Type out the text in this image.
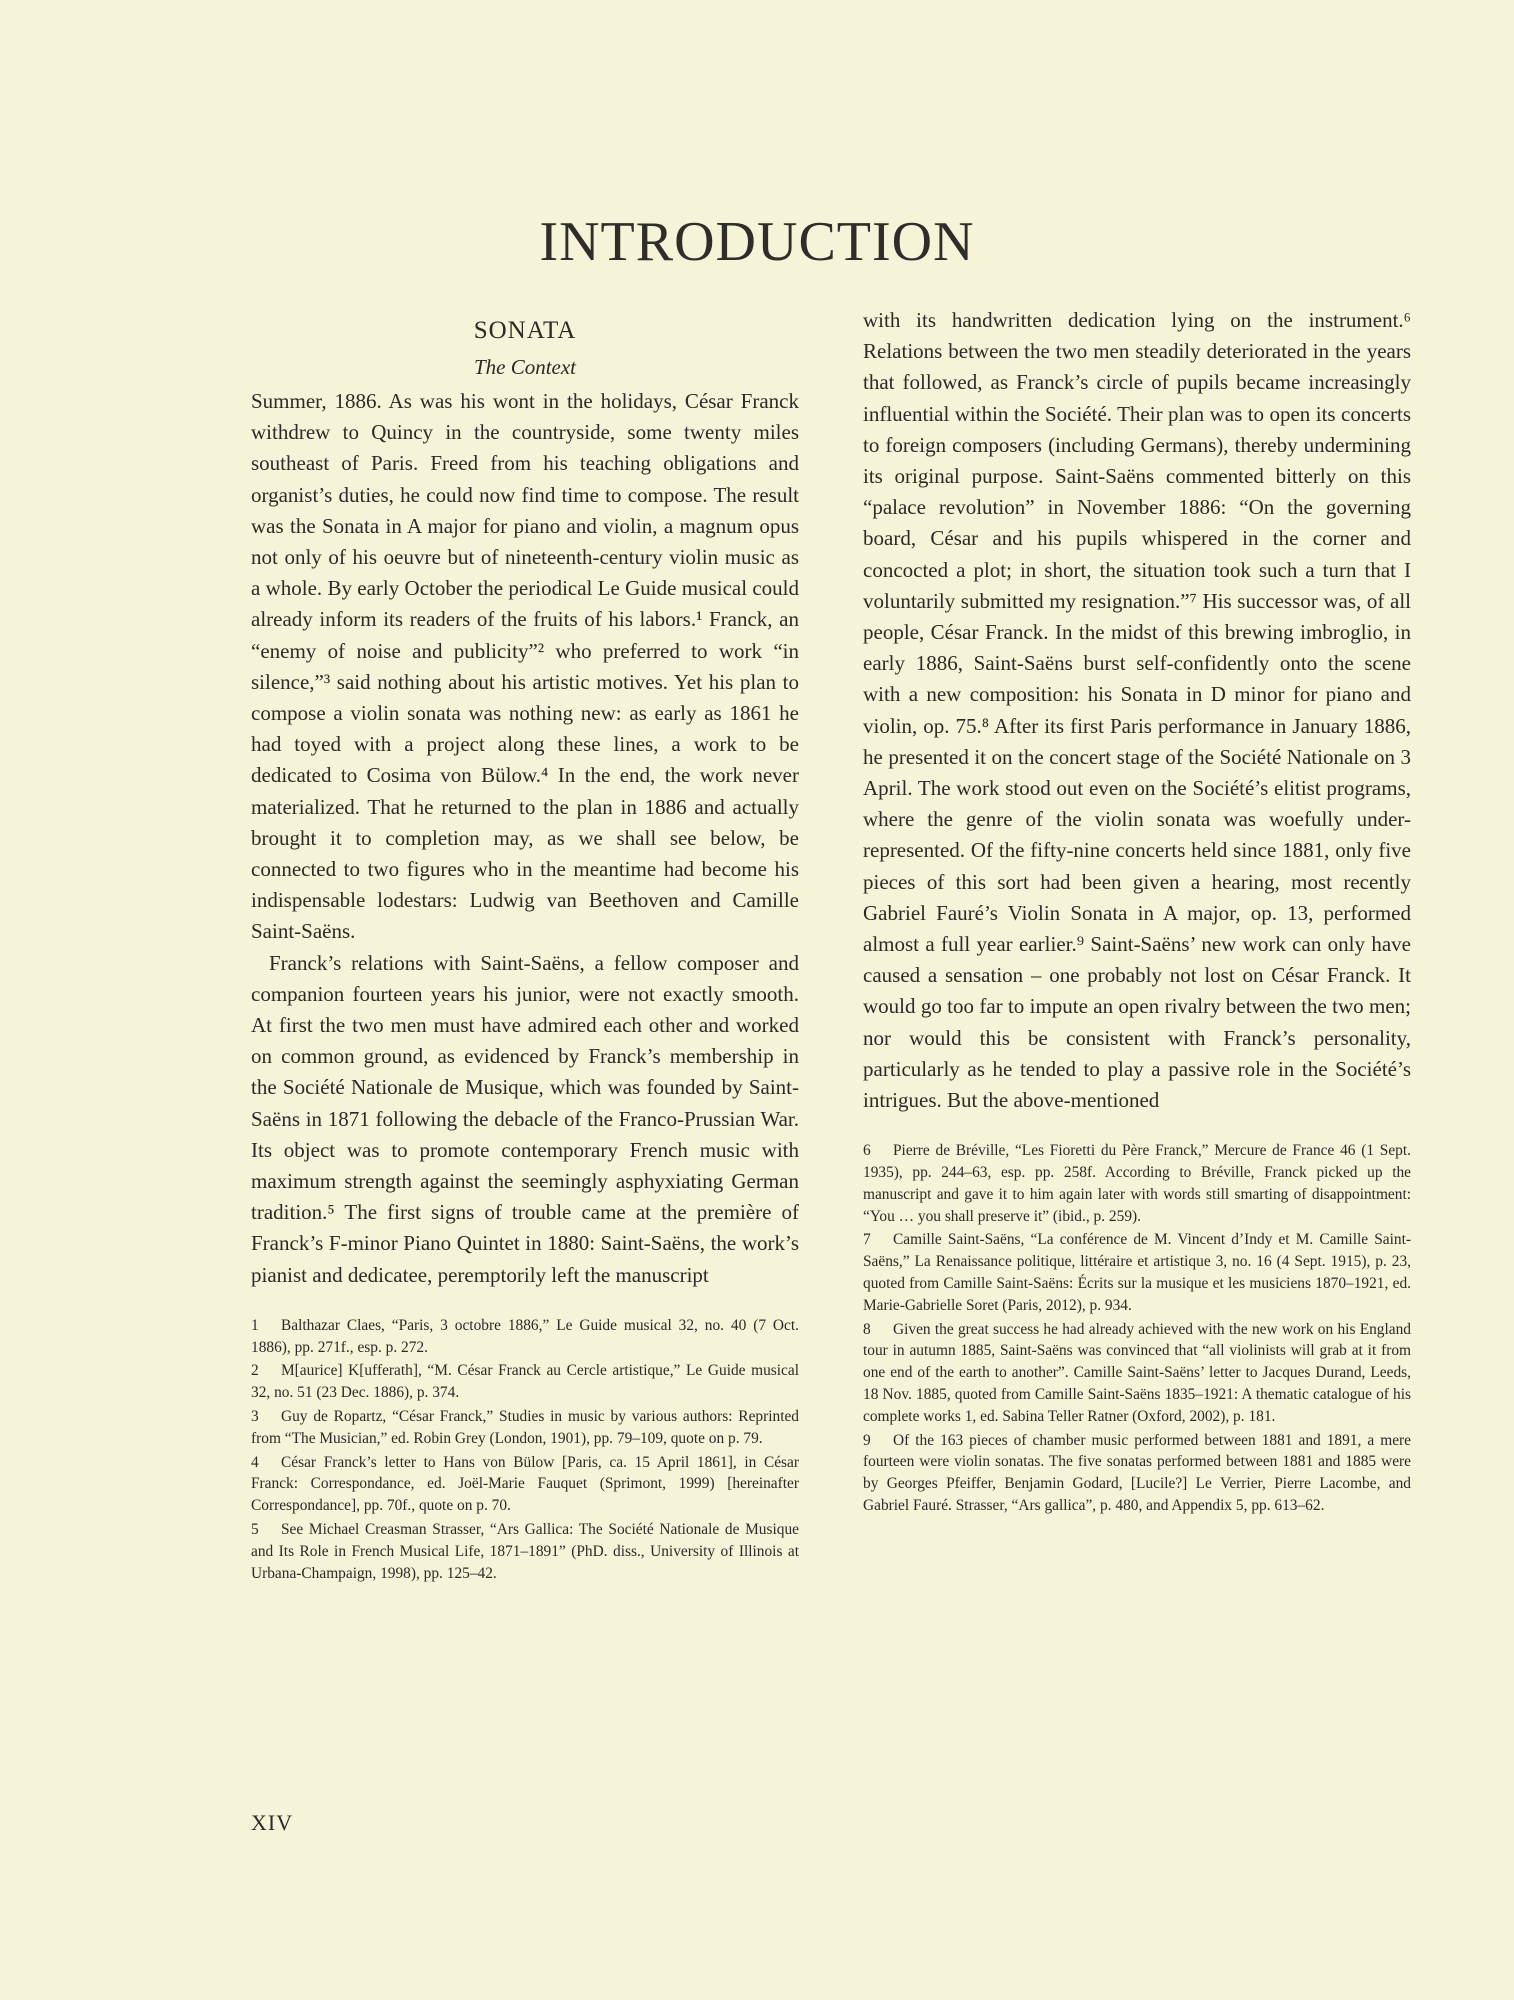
INTRODUCTION
SONATA
The Context

Summer, 1886. As was his wont in the holidays, César Franck withdrew to Quincy in the countryside, some twenty miles southeast of Paris. Freed from his teaching obligations and organist’s duties, he could now find time to compose. The result was the Sonata in A major for piano and violin, a magnum opus not only of his oeuvre but of nineteenth-century violin music as a whole. By early October the periodical Le Guide musical could already inform its readers of the fruits of his labors.¹ Franck, an “enemy of noise and publicity”² who preferred to work “in silence,”³ said nothing about his artistic motives. Yet his plan to compose a violin sonata was nothing new: as early as 1861 he had toyed with a project along these lines, a work to be dedicated to Cosima von Bülow.⁴ In the end, the work never materialized. That he returned to the plan in 1886 and actually brought it to completion may, as we shall see below, be connected to two figures who in the meantime had become his indispensable lodestars: Ludwig van Beethoven and Camille Saint-Saëns.

Franck’s relations with Saint-Saëns, a fellow composer and companion fourteen years his junior, were not exactly smooth. At first the two men must have admired each other and worked on common ground, as evidenced by Franck’s membership in the Société Nationale de Musique, which was founded by Saint-Saëns in 1871 following the debacle of the Franco-Prussian War. Its object was to promote contemporary French music with maximum strength against the seemingly asphyxiating German tradition.⁵ The first signs of trouble came at the première of Franck’s F-minor Piano Quintet in 1880: Saint-Saëns, the work’s pianist and dedicatee, peremptorily left the manuscript

1 Balthazar Claes, “Paris, 3 octobre 1886,” Le Guide musical 32, no. 40 (7 Oct. 1886), pp. 271f., esp. p. 272.

2 M[aurice] K[ufferath], “M. César Franck au Cercle artistique,” Le Guide musical 32, no. 51 (23 Dec. 1886), p. 374.

3 Guy de Ropartz, “César Franck,” Studies in music by various authors: Reprinted from “The Musician,” ed. Robin Grey (London, 1901), pp. 79–109, quote on p. 79.

4 César Franck’s letter to Hans von Bülow [Paris, ca. 15 April 1861], in César Franck: Correspondance, ed. Joël-Marie Fauquet (Sprimont, 1999) [hereinafter Correspondance], pp. 70f., quote on p. 70.

5 See Michael Creasman Strasser, “Ars Gallica: The Société Nationale de Musique and Its Role in French Musical Life, 1871–1891” (PhD. diss., University of Illinois at Urbana-Champaign, 1998), pp. 125–42.

with its handwritten dedication lying on the instrument.⁶ Relations between the two men steadily deteriorated in the years that followed, as Franck’s circle of pupils became increasingly influential within the Société. Their plan was to open its concerts to foreign composers (including Germans), thereby undermining its original purpose. Saint-Saëns commented bitterly on this “palace revolution” in November 1886: “On the governing board, César and his pupils whispered in the corner and concocted a plot; in short, the situation took such a turn that I voluntarily submitted my resignation.”⁷ His successor was, of all people, César Franck. In the midst of this brewing imbroglio, in early 1886, Saint-Saëns burst self-confidently onto the scene with a new composition: his Sonata in D minor for piano and violin, op. 75.⁸ After its first Paris performance in January 1886, he presented it on the concert stage of the Société Nationale on 3 April. The work stood out even on the Société’s elitist programs, where the genre of the violin sonata was woefully under-represented. Of the fifty-nine concerts held since 1881, only five pieces of this sort had been given a hearing, most recently Gabriel Fauré’s Violin Sonata in A major, op. 13, performed almost a full year earlier.⁹ Saint-Saëns’ new work can only have caused a sensation – one probably not lost on César Franck. It would go too far to impute an open rivalry between the two men; nor would this be consistent with Franck’s personality, particularly as he tended to play a passive role in the Société’s intrigues. But the above-mentioned

6 Pierre de Bréville, “Les Fioretti du Père Franck,” Mercure de France 46 (1 Sept. 1935), pp. 244–63, esp. pp. 258f. According to Bréville, Franck picked up the manuscript and gave it to him again later with words still smarting of disappointment: “You … you shall preserve it” (ibid., p. 259).

7 Camille Saint-Saëns, “La conférence de M. Vincent d’Indy et M. Camille Saint-Saëns,” La Renaissance politique, littéraire et artistique 3, no. 16 (4 Sept. 1915), p. 23, quoted from Camille Saint-Saëns: Écrits sur la musique et les musiciens 1870–1921, ed. Marie-Gabrielle Soret (Paris, 2012), p. 934.

8 Given the great success he had already achieved with the new work on his England tour in autumn 1885, Saint-Saëns was convinced that “all violinists will grab at it from one end of the earth to another”. Camille Saint-Saëns’ letter to Jacques Durand, Leeds, 18 Nov. 1885, quoted from Camille Saint-Saëns 1835–1921: A thematic catalogue of his complete works 1, ed. Sabina Teller Ratner (Oxford, 2002), p. 181.

9 Of the 163 pieces of chamber music performed between 1881 and 1891, a mere fourteen were violin sonatas. The five sonatas performed between 1881 and 1885 were by Georges Pfeiffer, Benjamin Godard, [Lucile?] Le Verrier, Pierre Lacombe, and Gabriel Fauré. Strasser, “Ars gallica”, p. 480, and Appendix 5, pp. 613–62.

XIV
